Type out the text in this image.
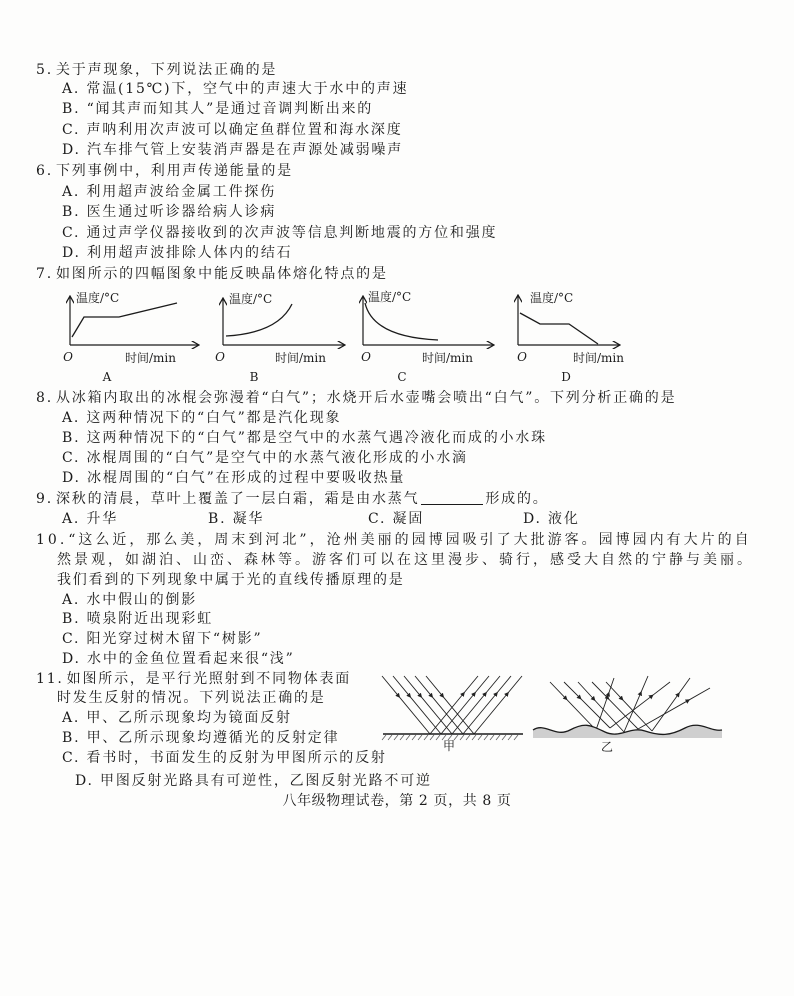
5. 关于声现象，下列说法正确的是
A. 常温(15℃)下，空气中的声速大于水中的声速
B. “闻其声而知其人”是通过音调判断出来的
C. 声呐利用次声波可以确定鱼群位置和海水深度
D. 汽车排气管上安装消声器是在声源处减弱噪声
6. 下列事例中，利用声传递能量的是
A. 利用超声波给金属工件探伤
B. 医生通过听诊器给病人诊病
C. 通过声学仪器接收到的次声波等信息判断地震的方位和强度
D. 利用超声波排除人体内的结石
7. 如图所示的四幅图象中能反映晶体熔化特点的是
温度/°C
O	时间/min
A
温度/°C
O	时间/min
B
温度/°C
O	时间/min
C
温度/°C
O	时间/min
D
8. 从冰箱内取出的冰棍会弥漫着“白气”；水烧开后水壶嘴会喷出“白气”。下列分析正确的是
A. 这两种情况下的“白气”都是汽化现象
B. 这两种情况下的“白气”都是空气中的水蒸气遇冷液化而成的小水珠
C. 冰棍周围的“白气”是空气中的水蒸气液化形成的小水滴
D. 冰棍周围的“白气”在形成的过程中要吸收热量
9. 深秋的清晨，草叶上覆盖了一层白霜，霜是由水蒸气	形成的。
A. 升华	B. 凝华	C. 凝固	D. 液化
10.“这么近，那么美，周末到河北”，沧州美丽的园博园吸引了大批游客。园博园内有大片的自
然景观，如湖泊、山峦、森林等。游客们可以在这里漫步、骑行，感受大自然的宁静与美丽。
我们看到的下列现象中属于光的直线传播原理的是
A. 水中假山的倒影
B. 喷泉附近出现彩虹
C. 阳光穿过树木留下“树影”
D. 水中的金鱼位置看起来很“浅”
11. 如图所示，是平行光照射到不同物体表面
时发生反射的情况。下列说法正确的是
A. 甲、乙所示现象均为镜面反射
B. 甲、乙所示现象均遵循光的反射定律
C. 看书时，书面发生的反射为甲图所示的反射
D. 甲图反射光路具有可逆性，乙图反射光路不可逆
甲	乙
八年级物理试卷，第 2 页，共 8 页
